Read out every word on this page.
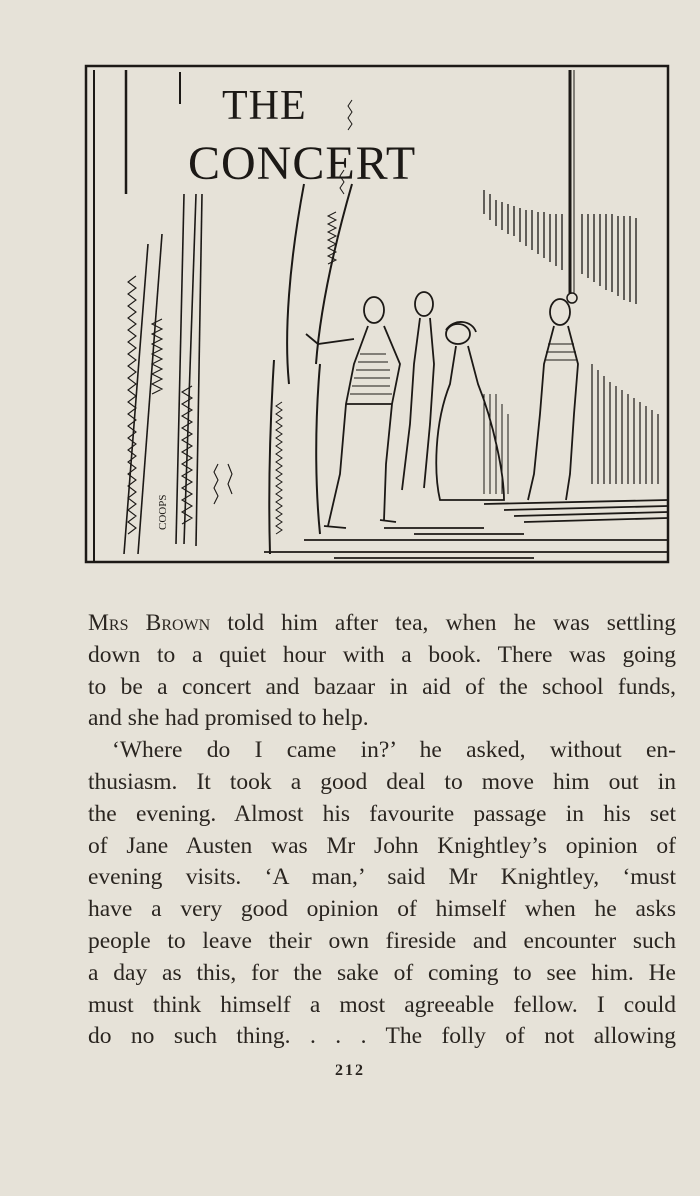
COOPS
THE
CONCERT
Mrs Brown told him after tea, when he was settling
down to a quiet hour with a book. There was going
to be a concert and bazaar in aid of the school funds,
and she had promised to help.
‘Where do I came in?’ he asked, without en-
thusiasm. It took a good deal to move him out in
the evening. Almost his favourite passage in his set
of Jane Austen was Mr John Knightley’s opinion of
evening visits. ‘A man,’ said Mr Knightley, ‘must
have a very good opinion of himself when he asks
people to leave their own fireside and encounter such
a day as this, for the sake of coming to see him. He
must think himself a most agreeable fellow. I could
do no such thing. . . . The folly of not allowing
212
